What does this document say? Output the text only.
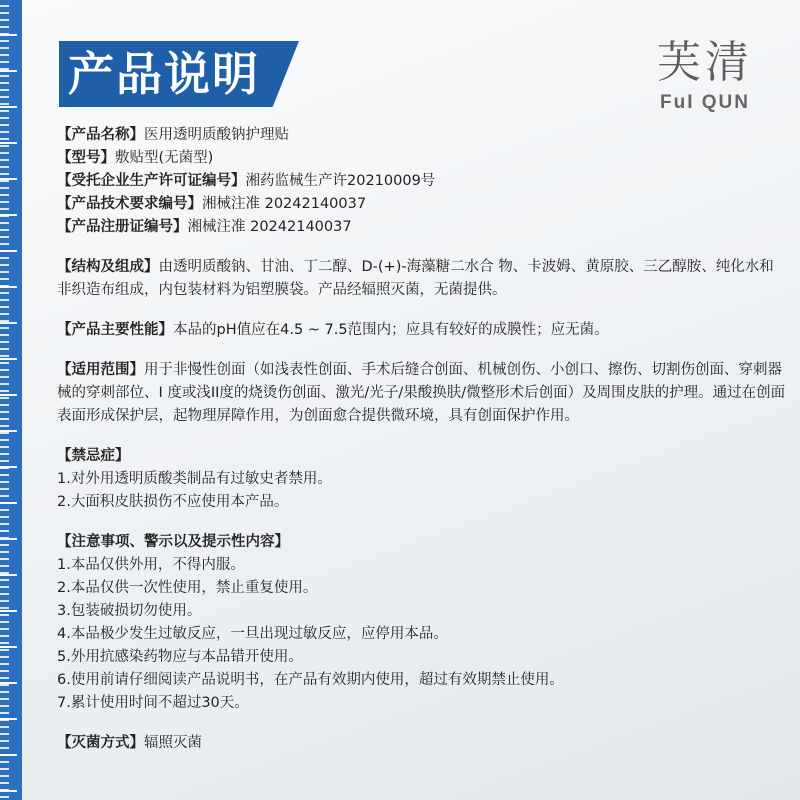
产品说明	芙清
FuI QUN
【产品名称】医用透明质酸钠护理贴
【型号】敷贴型(无菌型)
【受托企业生产许可证编号】湘药监械生产许20210009号
【产品技术要求编号】湘械注准 20242140037
【产品注册证编号】湘械注准 20242140037

【结构及组成】由透明质酸钠、甘油、丁二醇、D-(+)-海藻糖二水合 物、卡波姆、黄原胶、三乙醇胺、纯化水和非织造布组成，内包装材料为铝塑膜袋。产品经辐照灭菌，无菌提供。

【产品主要性能】本品的pH值应在4.5 ~ 7.5范围内；应具有较好的成膜性；应无菌。

【适用范围】用于非慢性创面（如浅表性创面、手术后缝合创面、机械创伤、小创口、擦伤、切割伤创面、穿刺器械的穿刺部位、I 度或浅II度的烧烫伤创面、激光/光子/果酸换肤/微整形术后创面）及周围皮肤的护理。通过在创面表面形成保护层，起物理屏障作用，为创面愈合提供微环境，具有创面保护作用。

【禁忌症】
1.对外用透明质酸类制品有过敏史者禁用。
2.大面积皮肤损伤不应使用本产品。
【注意事项、警示以及提示性内容】
1.本品仅供外用，不得内服。
2.本品仅供一次性使用，禁止重复使用。
3.包装破损切勿使用。
4.本品极少发生过敏反应，一旦出现过敏反应，应停用本品。
5.外用抗感染药物应与本品错开使用。
6.使用前请仔细阅读产品说明书，在产品有效期内使用，超过有效期禁止使用。
7.累计使用时间不超过30天。
【灭菌方式】辐照灭菌
